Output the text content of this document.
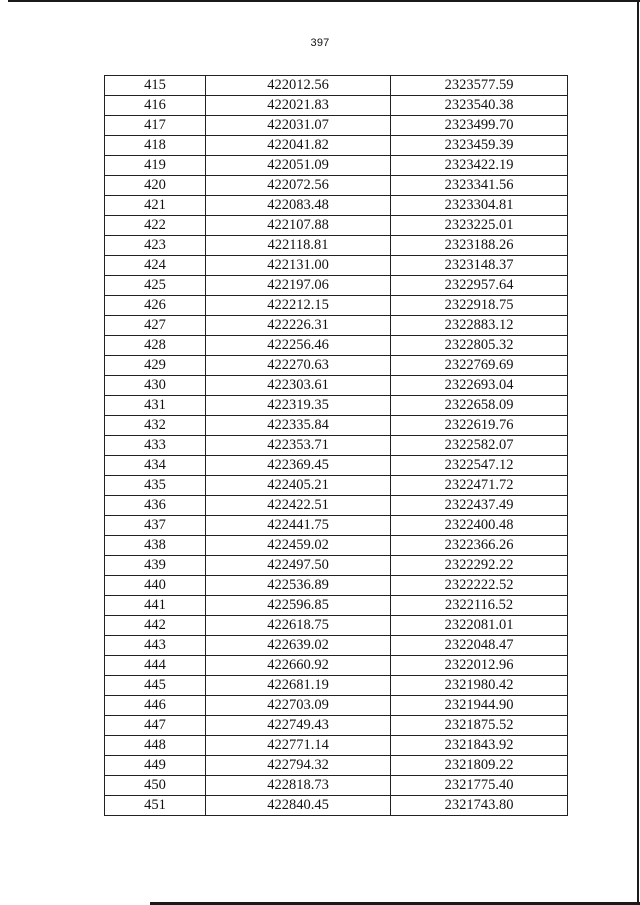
397
415	422012.56	2323577.59
416	422021.83	2323540.38
417	422031.07	2323499.70
418	422041.82	2323459.39
419	422051.09	2323422.19
420	422072.56	2323341.56
421	422083.48	2323304.81
422	422107.88	2323225.01
423	422118.81	2323188.26
424	422131.00	2323148.37
425	422197.06	2322957.64
426	422212.15	2322918.75
427	422226.31	2322883.12
428	422256.46	2322805.32
429	422270.63	2322769.69
430	422303.61	2322693.04
431	422319.35	2322658.09
432	422335.84	2322619.76
433	422353.71	2322582.07
434	422369.45	2322547.12
435	422405.21	2322471.72
436	422422.51	2322437.49
437	422441.75	2322400.48
438	422459.02	2322366.26
439	422497.50	2322292.22
440	422536.89	2322222.52
441	422596.85	2322116.52
442	422618.75	2322081.01
443	422639.02	2322048.47
444	422660.92	2322012.96
445	422681.19	2321980.42
446	422703.09	2321944.90
447	422749.43	2321875.52
448	422771.14	2321843.92
449	422794.32	2321809.22
450	422818.73	2321775.40
451	422840.45	2321743.80
